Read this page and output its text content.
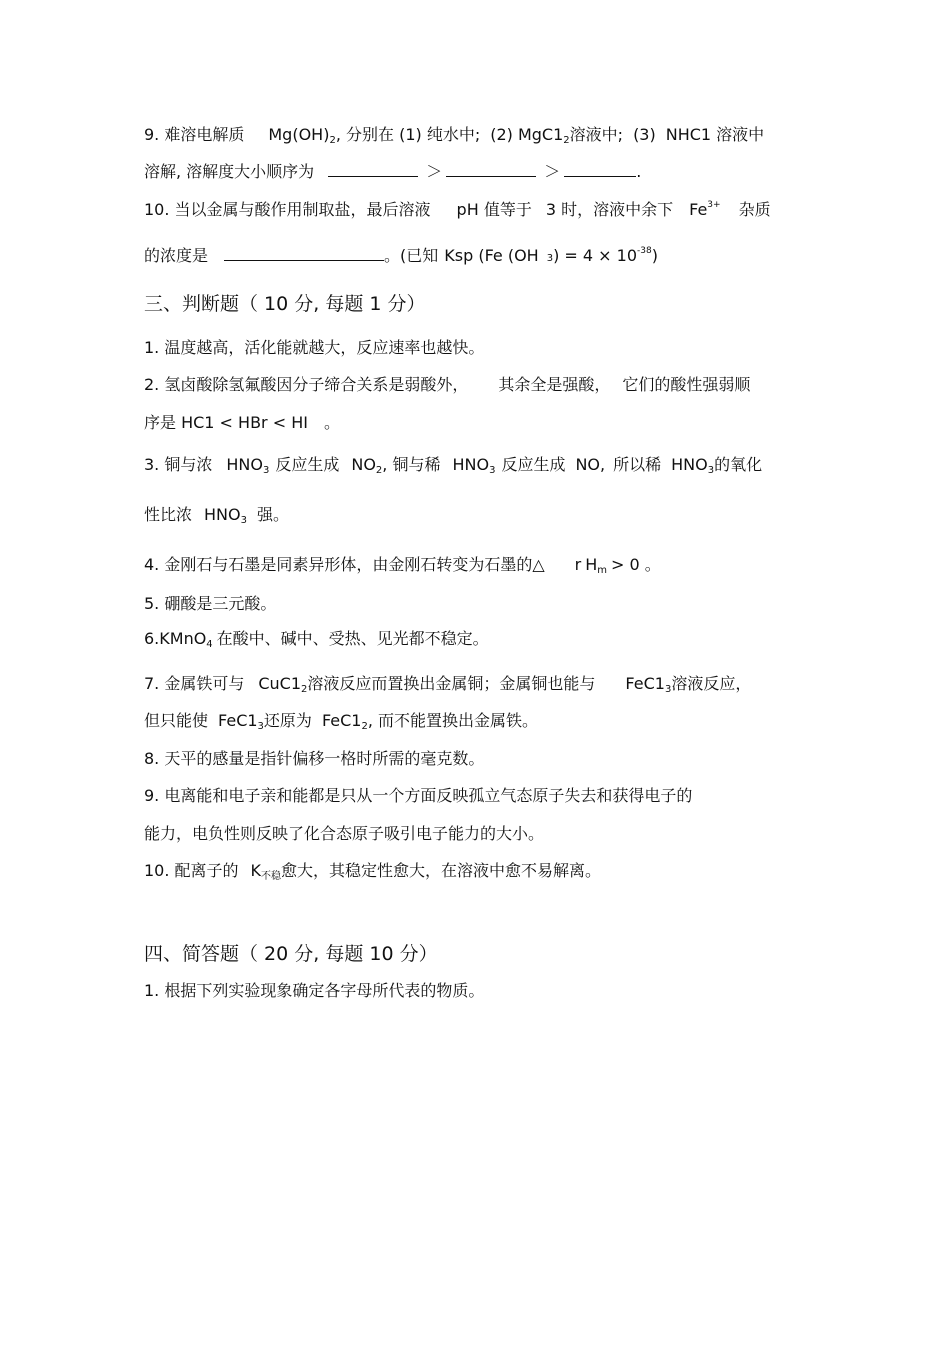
9. 难溶电解质 $Mg(OH)_2$, 分别在 (1) 纯水中; (2) $MgC1_2$溶液中; (3) NHC1 溶液中
溶解, 溶解度大小顺序为	＞	＞	.
10. 当以金属与酸作用制取盐，最后溶液 pH 值等于 3 时，溶液中余下 $Fe^{3+}$ 杂质
的浓度是	。(已知 Ksp (Fe (OH $3) = 4 \times 10^{-38}$)
三、判断题（ 10 分, 每题 1 分）
1. 温度越高，活化能就越大，反应速率也越快。
2. 氢卤酸除氢氟酸因分子缔合关系是弱酸外， 其余全是强酸， 它们的酸性强弱顺
序是 HC1 < HBr < HI 。
3. 铜与浓 $HNO_3$ 反应生成 $NO_2$, 铜与稀 $HNO_3$ 反应生成 NO, 所以稀 $HNO_3$的氧化
性比浓 $HNO_3$ 强。
4. 金刚石与石墨是同素异形体，由金刚石转变为石墨的△ r $H_m > 0$ 。
5. 硼酸是三元酸。
6.KMnO$_4$ 在酸中、碱中、受热、见光都不稳定。
7. 金属铁可与 $CuC1_2$溶液反应而置换出金属铜；金属铜也能与 $FeC1_3$溶液反应，
但只能使 $FeC1_3$还原为 $FeC1_2$, 而不能置换出金属铁。
8. 天平的感量是指针偏移一格时所需的毫克数。
9. 电离能和电子亲和能都是只从一个方面反映孤立气态原子失去和获得电子的
能力，电负性则反映了化合态原子吸引电子能力的大小。
10. 配离子的 $K_{不稳}$愈大，其稳定性愈大，在溶液中愈不易解离。
四、简答题（ 20 分, 每题 10 分）
1. 根据下列实验现象确定各字母所代表的物质。
